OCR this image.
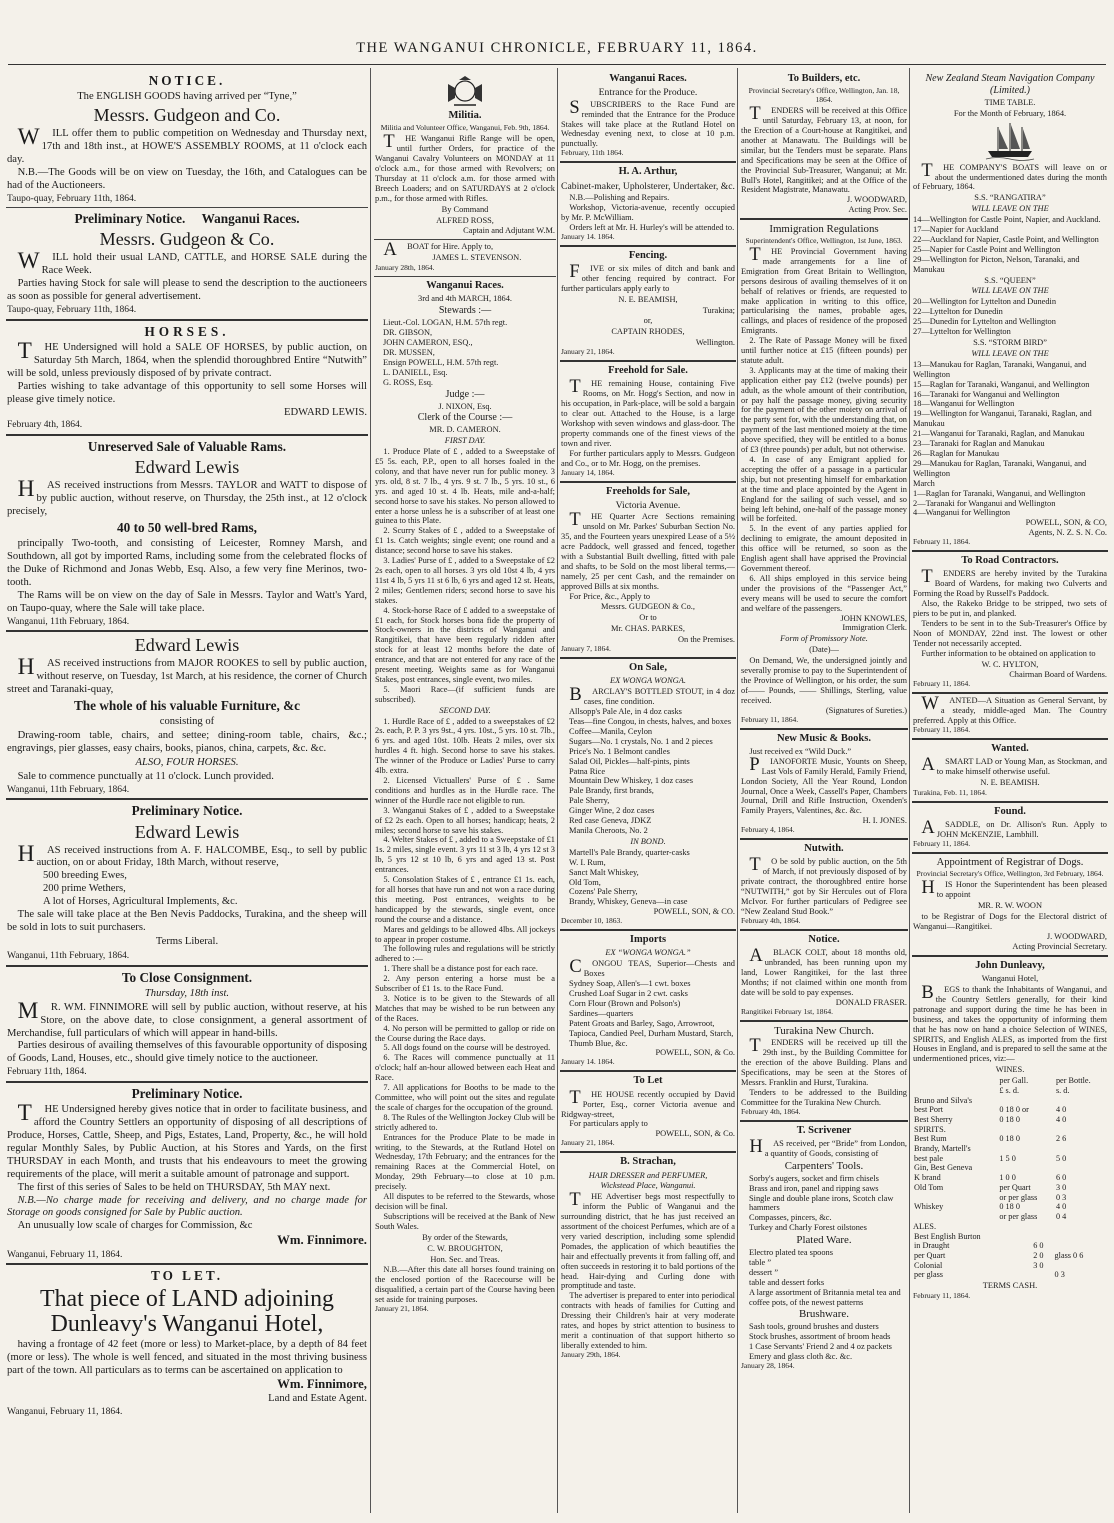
THE WANGANUI CHRONICLE, FEBRUARY 11, 1864.
NOTICE.
The ENGLISH GOODS having arrived per “Tyne,”
Messrs. Gudgeon and Co.

WILL offer them to public competition on Wednesday and Thursday next, 17th and 18th inst., at HOWE'S ASSEMBLY ROOMS, at 11 o'clock each day.

N.B.—The Goods will be on view on Tuesday, the 16th, and Catalogues can be had of the Auctioneers.

Taupo-quay, February 11th, 1864.
Preliminary Notice.     Wanganui Races.
Messrs. Gudgeon & Co.

WILL hold their usual LAND, CATTLE, and HORSE SALE during the Race Week.

Parties having Stock for sale will please to send the description to the auctioneers as soon as possible for general advertisement.

Taupo-quay, February 11th, 1864.
HORSES.

THE Undersigned will hold a SALE OF HORSES, by public auction, on Saturday 5th March, 1864, when the splendid thoroughbred Entire “Nutwith” will be sold, unless previously disposed of by private contract.

Parties wishing to take advantage of this opportunity to sell some Horses will please give timely notice.

EDWARD LEWIS.
February 4th, 1864.
Unreserved Sale of Valuable Rams.
Edward Lewis

HAS received instructions from Messrs. TAYLOR and WATT to dispose of by public auction, without reserve, on Thursday, the 25th inst., at 12 o'clock precisely,

40 to 50 well-bred Rams,

principally Two-tooth, and consisting of Leicester, Romney Marsh, and Southdown, all got by imported Rams, including some from the celebrated flocks of the Duke of Richmond and Jonas Webb, Esq. Also, a few very fine Merinos, two-tooth.

The Rams will be on view on the day of Sale in Messrs. Taylor and Watt's Yard, on Taupo-quay, where the Sale will take place.

Wanganui, 11th February, 1864.
Edward Lewis

HAS received instructions from MAJOR ROOKES to sell by public auction, without reserve, on Tuesday, 1st March, at his residence, the corner of Church street and Taranaki-quay,

The whole of his valuable Furniture, &c
consisting of

Drawing-room table, chairs, and settee; dining-room table, chairs, &c.; engravings, pier glasses, easy chairs, books, pianos, china, carpets, &c. &c.

ALSO, FOUR HORSES.

Sale to commence punctually at 11 o'clock. Lunch provided.

Wanganui, 11th February, 1864.
Preliminary Notice.
Edward Lewis

HAS received instructions from A. F. HALCOMBE, Esq., to sell by public auction, on or about Friday, 18th March, without reserve,

500 breeding Ewes,
200 prime Wethers,
A lot of Horses, Agricultural Implements, &c.

The sale will take place at the Ben Nevis Paddocks, Turakina, and the sheep will be sold in lots to suit purchasers.

Terms Liberal.
Wanganui, 11th February, 1864.
To Close Consignment.
Thursday, 18th inst.

MR. WM. FINNIMORE will sell by public auction, without reserve, at his Store, on the above date, to close consignment, a general assortment of Merchandise, full particulars of which will appear in hand-bills.

Parties desirous of availing themselves of this favourable opportunity of disposing of Goods, Land, Houses, etc., should give timely notice to the auctioneer.

February 11th, 1864.
Preliminary Notice.

THE Undersigned hereby gives notice that in order to facilitate business, and afford the Country Settlers an opportunity of disposing of all descriptions of Produce, Horses, Cattle, Sheep, and Pigs, Estates, Land, Property, &c., he will hold regular Monthly Sales, by Public Auction, at his Stores and Yards, on the first THURSDAY in each Month, and trusts that his endeavours to meet the growing requirements of the place, will merit a suitable amount of patronage and support.

The first of this series of Sales to be held on THURSDAY, 5th MAY next.

N.B.—No charge made for receiving and delivery, and no charge made for Storage on goods consigned for Sale by Public auction.

An unusually low scale of charges for Commission, &c

Wm. Finnimore.
Wanganui, February 11, 1864.
TO LET.
That piece of LAND adjoining Dunleavy's Wanganui Hotel,

having a frontage of 42 feet (more or less) to Market-place, by a depth of 84 feet (more or less). The whole is well fenced, and situated in the most thriving business part of the town. All particulars as to terms can be ascertained on application to

Wm. Finnimore,
Land and Estate Agent.
Wanganui, February 11, 1864.
Militia.
Militia and Volunteer Office, Wanganui, Feb. 9th, 1864.

THE Wanganui Rifle Range will be open, until further Orders, for practice of the Wanganui Cavalry Volunteers on MONDAY at 11 o'clock a.m., for those armed with Revolvers; on Thursday at 11 o'clock a.m. for those armed with Breech Loaders; and on SATURDAYS at 2 o'clock p.m., for those armed with Rifles.

By Command
ALFRED ROSS,
Captain and Adjutant W.M.

ABOAT for Hire. Apply to,

JAMES L. STEVENSON.
January 28th, 1864.
Wanganui Races.
3rd and 4th MARCH, 1864.
Stewards :—
Lieut.-Col. LOGAN, H.M. 57th regt.
DR. GIBSON,
JOHN CAMERON, ESQ.,
DR. MUSSEN,
Ensign POWELL, H.M. 57th regt.
L. DANIELL, Esq.
G. ROSS, Esq.
Judge :—
J. NIXON, Esq.
Clerk of the Course :—
MR. D. CAMERON.
FIRST DAY.

1. Produce Plate of £ , added to a Sweepstake of £5 5s. each, P.P., open to all horses foaled in the colony, and that have never run for public money. 3 yrs. old, 8 st. 7 lb., 4 yrs. 9 st. 7 lb., 5 yrs. 10 st., 6 yrs. and aged 10 st. 4 lb. Heats, mile and-a-half; second horse to save his stakes. No person allowed to enter a horse unless he is a subscriber of at least one guinea to this Plate.

2. Scurry Stakes of £ , added to a Sweepstake of £1 1s. Catch weights; single event; one round and a distance; second horse to save his stakes.

3. Ladies' Purse of £ , added to a Sweepstake of £2 2s each, open to all horses. 3 yrs old 10st 4 lb, 4 yrs 11st 4 lb, 5 yrs 11 st 6 lb, 6 yrs and aged 12 st. Heats, 2 miles; Gentlemen riders; second horse to save his stakes.

4. Stock-horse Race of £ added to a sweepstake of £1 each, for Stock horses bona fide the property of Stock-owners in the districts of Wanganui and Rangitikei, that have been regularly ridden after stock for at least 12 months before the date of entrance, and that are not entered for any race of the present meeting. Weights same as for Wanganui Stakes, post entrances, single event, two miles.

5. Maori Race—(if sufficient funds are subscribed).

SECOND DAY.

1. Hurdle Race of £ , added to a sweepstakes of £2 2s. each, P. P. 3 yrs 9st., 4 yrs. 10st., 5 yrs. 10 st. 7lb., 6 yrs. and aged 10st. 10lb. Heats 2 miles, over six hurdles 4 ft. high. Second horse to save his stakes. The winner of the Produce or Ladies' Purse to carry 4lb. extra.

2. Licensed Victuallers' Purse of £ . Same conditions and hurdles as in the Hurdle race. The winner of the Hurdle race not eligible to run.

3. Wanganui Stakes of £ , added to a Sweepstake of £2 2s each. Open to all horses; handicap; heats, 2 miles; second horse to save his stakes.

4. Welter Stakes of £ , added to a Sweepstake of £1 1s. 2 miles, single event. 3 yrs 11 st 3 lb, 4 yrs 12 st 3 lb, 5 yrs 12 st 10 lb, 6 yrs and aged 13 st. Post entrances.

5. Consolation Stakes of £ , entrance £1 1s. each, for all horses that have run and not won a race during this meeting. Post entrances, weights to be handicapped by the stewards, single event, once round the course and a distance.

Mares and geldings to be allowed 4lbs. All jockeys to appear in proper costume.

The following rules and regulations will be strictly adhered to :—

1. There shall be a distance post for each race.

2. Any person entering a horse must be a Subscriber of £1 1s. to the Race Fund.

3. Notice is to be given to the Stewards of all Matches that may be wished to be run between any of the Races.

4. No person will be permitted to gallop or ride on the Course during the Race days.

5. All dogs found on the course will be destroyed.

6. The Races will commence punctually at 11 o'clock; half an-hour allowed between each Heat and Race.

7. All applications for Booths to be made to the Committee, who will point out the sites and regulate the scale of charges for the occupation of the ground.

8. The Rules of the Wellington Jockey Club will be strictly adhered to.

Entrances for the Produce Plate to be made in writing, to the Stewards, at the Rutland Hotel on Wednesday, 17th February; and the entrances for the remaining Races at the Commercial Hotel, on Monday, 29th February—to close at 10 p.m. precisely.

All disputes to be referred to the Stewards, whose decision will be final.

Subscriptions will be received at the Bank of New South Wales.

By order of the Stewards,
C. W. BROUGHTON,
Hon. Sec. and Treas.

N.B.—After this date all horses found training on the enclosed portion of the Racecourse will be disqualified, a certain part of the Course having been set aside for training purposes.

January 21, 1864.
Wanganui Races.
Entrance for the Produce.

SUBSCRIBERS to the Race Fund are reminded that the Entrance for the Produce Stakes will take place at the Rutland Hotel on Wednesday evening next, to close at 10 p.m. punctually.

February, 11th 1864.
H. A. Arthur,
Cabinet-maker, Upholsterer, Undertaker, &c.

N.B.—Polishing and Repairs.

Workshop, Victoria-avenue, recently occupied by Mr. P. McWilliam.

Orders left at Mr. H. Hurley's will be attended to.

January 14. 1864.
Fencing.

FIVE or six miles of ditch and bank and other fencing required by contract. For further particulars apply early to

N. E. BEAMISH,
Turakina;
or,
CAPTAIN RHODES,
Wellington.
January 21, 1864.
Freehold for Sale.

THE remaining House, containing Five Rooms, on Mr. Hogg's Section, and now in his occupation, in Park-place, will be sold a bargain to clear out. Attached to the House, is a large Workshop with seven windows and glass-door. The property commands one of the finest views of the town and river.

For further particulars apply to Messrs. Gudgeon and Co., or to Mr. Hogg, on the premises.

January 14, 1864.
Freeholds for Sale,
Victoria Avenue.

THE Quarter Acre Sections remaining unsold on Mr. Parkes' Suburban Section No. 35, and the Fourteen years unexpired Lease of a 5½ acre Paddock, well grassed and fenced, together with a Substantial Built dwelling, fitted with pale and shafts, to be Sold on the most liberal terms,—namely, 25 per cent Cash, and the remainder on approved Bills at six months.

For Price, &c., Apply to

Messrs. GUDGEON & Co.,
Or to
Mr. CHAS. PARKES,
On the Premises.
January 7, 1864.
On Sale,
EX WONGA WONGA.

BARCLAY'S BOTTLED STOUT, in 4 doz cases, fine condition.

Allsopp's Pale Ale, in 4 doz casks
Teas—fine Congou, in chests, halves, and boxes
Coffee—Manila, Ceylon
Sugars—No. 1 crystals, No. 1 and 2 pieces
Price's No. 1 Belmont candles
Salad Oil, Pickles—half-pints, pints
Patna Rice
Mountain Dew Whiskey, 1 doz cases
Pale Brandy, first brands,
Pale Sherry,
Ginger Wine, 2 doz cases
Red case Geneva, JDKZ
Manila Cheroots, No. 2
IN BOND.
Martell's Pale Brandy, quarter-casks
W. I. Rum,
Sanct Malt Whiskey,
Old Tom,
Cozens' Pale Sherry,
Brandy, Whiskey, Geneva—in case
POWELL, SON, & CO.
December 10, 1863.
Imports
EX “WONGA WONGA.”

CONGOU TEAS, Superior—Chests and Boxes

Sydney Soap, Allen's—1 cwt. boxes
Crushed Loaf Sugar in 2 cwt. casks
Corn Flour (Brown and Polson's)
Sardines—quarters
Patent Groats and Barley, Sago, Arrowroot, Tapioca, Candied Peel, Durham Mustard, Starch, Thumb Blue, &c.
POWELL, SON, & Co.
January 14. 1864.
To Let

THE HOUSE recently occupied by David Porter, Esq., corner Victoria avenue and Ridgway-street,

For particulars apply to

POWELL, SON, & Co.
January 21, 1864.
B. Strachan,
HAIR DRESSER and PERFUMER,
Wickstead Place, Wanganui.

THE Advertiser begs most respectfully to inform the Public of Wanganui and the surrounding district, that he has just received an assortment of the choicest Perfumes, which are of a very varied description, including some splendid Pomades, the application of which beautifies the hair and effectually prevents it from falling off, and often succeeds in restoring it to bald portions of the head. Hair-dying and Curling done with promptitude and taste.

The advertiser is prepared to enter into periodical contracts with heads of families for Cutting and Dressing their Children's hair at very moderate rates, and hopes by strict attention to business to merit a continuation of that support hitherto so liberally extended to him.

January 29th, 1864.
To Builders, etc.
Provincial Secretary's Office, Wellington, Jan. 18, 1864.

TENDERS will be received at this Office until Saturday, February 13, at noon, for the Erection of a Court-house at Rangitikei, and another at Manawatu. The Buildings will be similar, but the Tenders must be separate. Plans and Specifications may be seen at the Office of the Provincial Sub-Treasurer, Wanganui; at Mr. Bull's Hotel, Rangitikei; and at the Office of the Resident Magistrate, Manawatu.

J. WOODWARD,
Acting Prov. Sec.
Immigration Regulations
Superintendent's Office, Wellington, 1st June, 1863.

THE Provincial Government having made arrangements for a line of Emigration from Great Britain to Wellington, persons desirous of availing themselves of it on behalf of relatives or friends, are requested to make application in writing to this office, particularising the names, probable ages, callings, and places of residence of the proposed Emigrants.

2. The Rate of Passage Money will be fixed until further notice at £15 (fifteen pounds) per statute adult.

3. Applicants may at the time of making their application either pay £12 (twelve pounds) per adult, as the whole amount of their contribution, or pay half the passage money, giving security for the payment of the other moiety on arrival of the party sent for, with the understanding that, on payment of the last mentioned moiety at the time above specified, they will be entitled to a bonus of £3 (three pounds) per adult, but not otherwise.

4. In case of any Emigrant applied for accepting the offer of a passage in a particular ship, but not presenting himself for embarkation at the time and place appointed by the Agent in England for the sailing of such vessel, and so being left behind, one-half of the passage money will be forfeited.

5. In the event of any parties applied for declining to emigrate, the amount deposited in this office will be returned, so soon as the English agent shall have apprised the Provincial Government thereof.

6. All ships employed in this service being under the provisions of the “Passenger Act,” every means will be used to secure the comfort and welfare of the passengers.

JOHN KNOWLES,
Immigration Clerk.
Form of Promissory Note.
(Date)—

On Demand, We, the undersigned jointly and severally promise to pay to the Superintendent of the Province of Wellington, or his order, the sum of—— Pounds, —— Shillings, Sterling, value received.

(Signatures of Sureties.)
February 11, 1864.
New Music & Books.

Just received ex “Wild Duck.”

PIANOFORTE Music, Younts on Sheep, Last Vols of Family Herald, Family Friend, London Society, All the Year Round, London Journal, Once a Week, Cassell's Paper, Chambers Journal, Drill and Rifle Instruction, Oxenden's Family Prayers, Valentines, &c. &c.

H. I. JONES.
February 4, 1864.
Nutwith.

TO be sold by public auction, on the 5th of March, if not previously disposed of by private contract, the thoroughbred entire horse “NUTWITH,” got by Sir Hercules out of Flora McIvor. For further particulars of Pedigree see “New Zealand Stud Book.”

February 4th, 1864.
Notice.

ABLACK COLT, about 18 months old, unbranded, has been running upon my land, Lower Rangitikei, for the last three Months; if not claimed within one month from date will be sold to pay expenses.

DONALD FRASER.
Rangitikei February 1st, 1864.
Turakina New Church.

TENDERS will be received up till the 29th inst., by the Building Committee for the erection of the above Building. Plans and Specifications, may be seen at the Stores of Messrs. Franklin and Hurst, Turakina.

Tenders to be addressed to the Building Committee for the Turakina New Church.

February 4th, 1864.
T. Scrivener

HAS received, per “Bride” from London, a quantity of Goods, consisting of

Carpenters' Tools.
Sorby's augers, socket and firm chisels
Brass and iron, panel and ripping saws
Single and double plane irons, Scotch claw hammers
Compasses, pincers, &c.
Turkey and Charly Forest oilstones
Plated Ware.
Electro plated tea spoons
table ”
dessert ”
table and dessert forks
A large assortment of Britannia metal tea and coffee pots, of the newest patterns
Brushware.
Sash tools, ground brushes and dusters
Stock brushes, assortment of broom heads
1 Case Servants' Friend 2 and 4 oz packets
Emery and glass cloth &c. &c.
January 28, 1864.
New Zealand Steam Navigation Company (Limited.)
TIME TABLE.
For the Month of February, 1864.

THE COMPANY'S BOATS will leave on or about the undermentioned dates during the month of February, 1864.

S.S. “RANGATIRA”
WILL LEAVE ON THE
14—Wellington for Castle Point, Napier, and Auckland.
17—Napier for Auckland
22—Auckland for Napier, Castle Point, and Wellington
25—Napier for Castle Point and Wellington
29—Wellington for Picton, Nelson, Taranaki, and Manukau
S.S. “QUEEN”
WILL LEAVE ON THE
20—Wellington for Lyttelton and Dunedin
22—Lyttelton for Dunedin
25—Dunedin for Lyttelton and Wellington
27—Lyttelton for Wellington
S.S. “STORM BIRD”
WILL LEAVE ON THE
13—Manukau for Raglan, Taranaki, Wanganui, and Wellington
15—Raglan for Taranaki, Wanganui, and Wellington
16—Taranaki for Wanganui and Wellington
18—Wanganui for Wellington
19—Wellington for Wanganui, Taranaki, Raglan, and Manukau
21—Wanganui for Taranaki, Raglan, and Manukau
23—Taranaki for Raglan and Manukau
26—Raglan for Manukau
29—Manukau for Raglan, Taranaki, Wanganui, and Wellington
March
1—Raglan for Taranaki, Wanganui, and Wellington
2—Taranaki for Wanganui and Wellington
4—Wanganui for Wellington
POWELL, SON, & CO,
Agents, N. Z. S. N. Co.
February 11, 1864.
To Road Contractors.

TENDERS are hereby invited by the Turakina Board of Wardens, for making two Culverts and Forming the Road by Russell's Paddock.

Also, the Rakeko Bridge to be stripped, two sets of piers to be put in, and planked.

Tenders to be sent in to the Sub-Treasurer's Office by Noon of MONDAY, 22nd inst. The lowest or other Tender not necessarily accepted.

Further information to be obtained on application to

W. C. HYLTON,
Chairman Board of Wardens.
February 11, 1864.

WANTED—A Situation as General Servant, by a steady, middle-aged Man. The Country preferred. Apply at this Office.

February 11, 1864.
Wanted.

ASMART LAD or Young Man, as Stockman, and to make himself otherwise useful.

N. E. BEAMISH.
Turakina, Feb. 11, 1864.
Found.

ASADDLE, on Dr. Allison's Run. Apply to JOHN McKENZIE, Lambhill.

February 11, 1864.
Appointment of Registrar of Dogs.
Provincial Secretary's Office, Wellington, 3rd February, 1864.

HIS Honor the Superintendent has been pleased to appoint

MR. R. W. WOON

to be Registrar of Dogs for the Electoral district of Wanganui—Rangitikei.

J. WOODWARD,
Acting Provincial Secretary.
John Dunleavy,
Wanganui Hotel,

BEGS to thank the Inhabitants of Wanganui, and the Country Settlers generally, for their kind patronage and support during the time he has been in business, and takes the opportunity of informing them that he has now on hand a choice Selection of WINES, SPIRITS, and English ALES, as imported from the first Houses in England, and is prepared to sell the same at the undermentioned prices, viz:—

WINES.
	per Gall.	per Bottle.
	£ s. d.	s. d.
Bruno and Silva's		
best Port	0 18 0 or	4 0
Best Sherry	0 18 0	4 0
SPIRITS.		
Best Rum	0 18 0	2 6
Brandy, Martell's		
best pale	1 5 0	5 0
Gin, Best Geneva		
K brand	1 0 0	6 0
Old Tom	per Quart	3 0
	or per glass	0 3
Whiskey	0 18 0	4 0
	or per glass	0 4
ALES.
Best English Burton		
in Draught	6 0	
per Quart	2 0	glass 0 6
Colonial	3 0	
per glass		0 3
TERMS CASH.
February 11, 1864.
